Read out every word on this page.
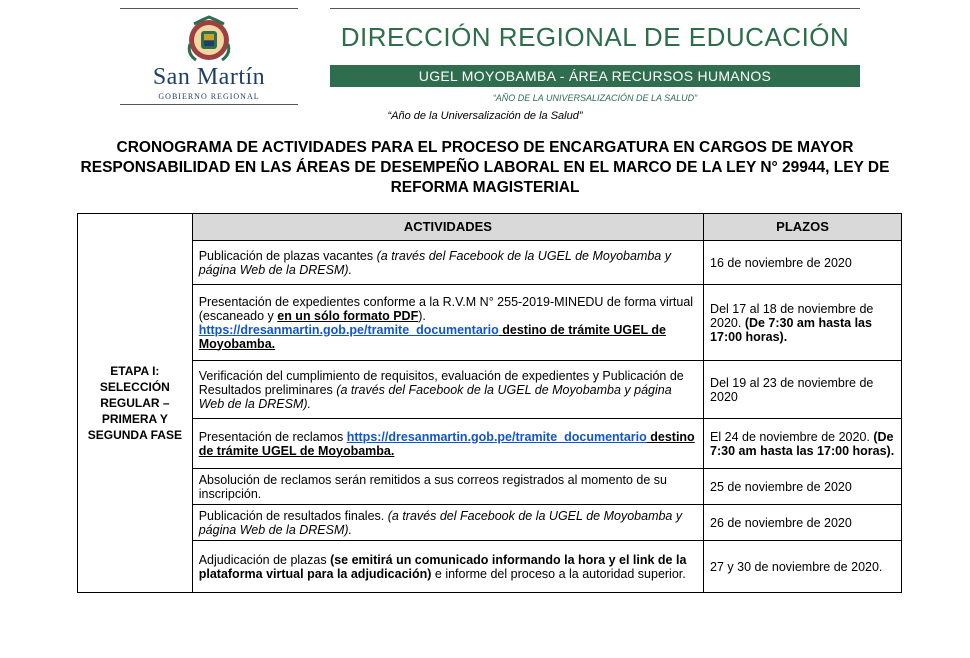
San Martín
GOBIERNO REGIONAL
DIRECCIÓN REGIONAL DE EDUCACIÓN
UGEL MOYOBAMBA - ÁREA RECURSOS HUMANOS
“AÑO DE LA UNIVERSALIZACIÓN DE LA SALUD”
“Año de la Universalización de la Salud”
CRONOGRAMA DE ACTIVIDADES PARA EL PROCESO DE ENCARGATURA EN CARGOS DE MAYOR RESPONSABILIDAD EN LAS ÁREAS DE DESEMPEÑO LABORAL EN EL MARCO DE LA LEY N° 29944, LEY DE REFORMA MAGISTERIAL
ETAPA I: SELECCIÓN REGULAR – PRIMERA Y SEGUNDA FASE	ACTIVIDADES	PLAZOS
	Publicación de plazas vacantes (a través del Facebook de la UGEL de Moyobamba y página Web de la DRESM).	16 de noviembre de 2020
	Presentación de expedientes conforme a la R.V.M N° 255-2019-MINEDU de forma virtual (escaneado y en un sólo formato PDF). https://dresanmartin.gob.pe/tramite_documentario destino de trámite UGEL de Moyobamba.	Del 17 al 18 de noviembre de 2020. (De 7:30 am hasta las 17:00 horas).
	Verificación del cumplimiento de requisitos, evaluación de expedientes y Publicación de Resultados preliminares (a través del Facebook de la UGEL de Moyobamba y página Web de la DRESM).	Del 19 al 23 de noviembre de 2020
	Presentación de reclamos https://dresanmartin.gob.pe/tramite_documentario destino de trámite UGEL de Moyobamba.	El 24 de noviembre de 2020. (De 7:30 am hasta las 17:00 horas).
	Absolución de reclamos serán remitidos a sus correos registrados al momento de su inscripción.	25 de noviembre de 2020
	Publicación de resultados finales. (a través del Facebook de la UGEL de Moyobamba y página Web de la DRESM).	26 de noviembre de 2020
	Adjudicación de plazas (se emitirá un comunicado informando la hora y el link de la plataforma virtual para la adjudicación) e informe del proceso a la autoridad superior.	27 y 30 de noviembre de 2020.
